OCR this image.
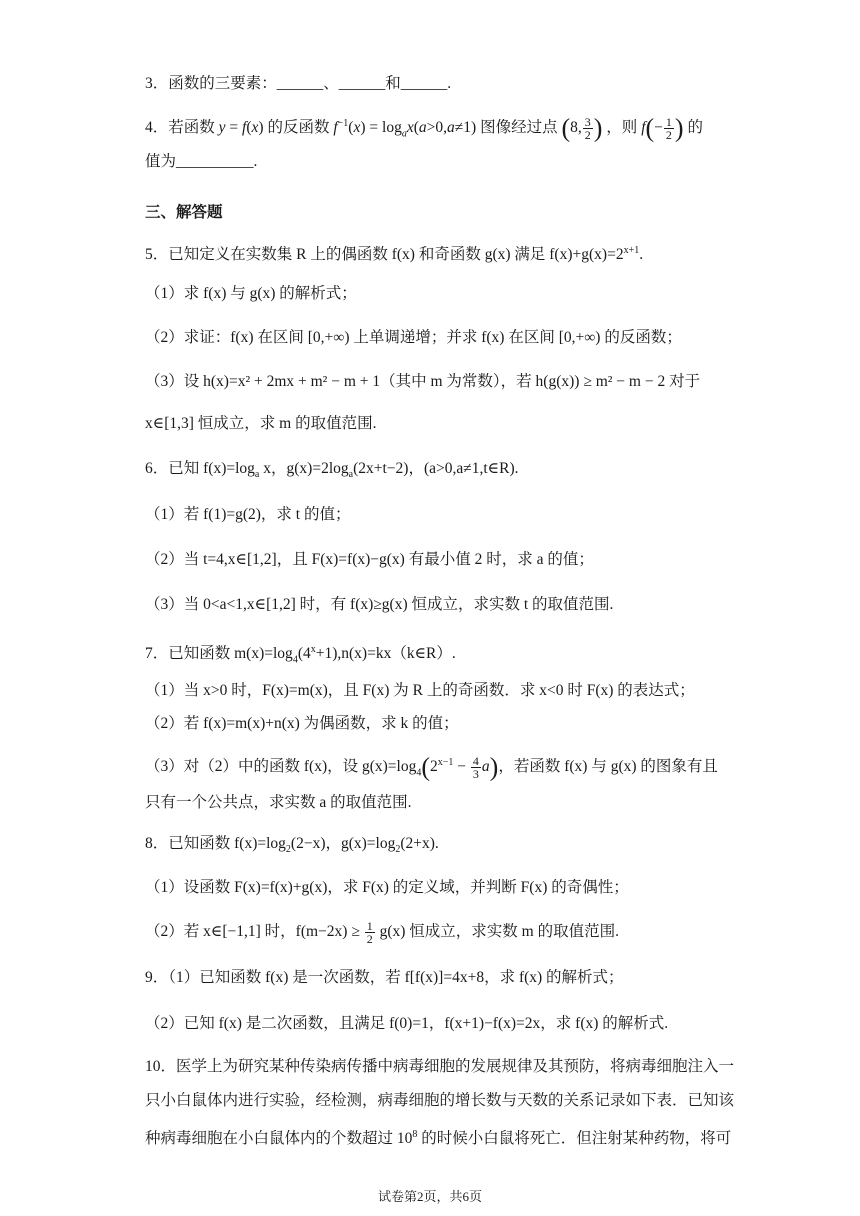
3．函数的三要素：______、______和______.
4．若函数 y = f(x) 的反函数 $f^{-1}(x) = \log_ax(a>0,a\ne 1)$ 图像经过点 (8, $\frac{3}{2}$ ) ，则 $f(- \frac{1}{2}$ ) 的
值为__________.
三、解答题
5．已知定义在实数集 R 上的偶函数 f(x) 和奇函数 g(x) 满足 $f(x)+g(x)=2^{x+1}$.
（1）求 f(x) 与 g(x) 的解析式；
（2）求证：f(x) 在区间 [0,+∞) 上单调递增；并求 f(x) 在区间 [0,+∞) 的反函数；
（3）设 h(x)=x² + 2mx + m² − m + 1（其中 m 为常数），若 h(g(x)) ≥ m² − m − 2 对于
x∈[1,3] 恒成立，求 m 的取值范围.
6．已知 $f(x)=\log_a$ x，$g(x)=2\log_a(2x+t-2)$，(a>0,a≠1,t∈R).
（1）若 f(1)=g(2)，求 t 的值；
（2）当 t=4,x∈[1,2]，且 F(x)=f(x)−g(x) 有最小值 2 时，求 a 的值；
（3）当 0<a<1,x∈[1,2] 时，有 f(x)≥g(x) 恒成立，求实数 t 的取值范围.
7．已知函数 $m(x)=\log_4(4^x+1),n(x)=kx(k\in R)$.
（1）当 x>0 时，F(x)=m(x)，且 F(x) 为 R 上的奇函数．求 x<0 时 F(x) 的表达式；
（2）若 f(x)=m(x)+n(x) 为偶函数，求 k 的值；
（3）对（2）中的函数 f(x)，设 $g(x)=\log_4(2^{x-1} - \frac{4}{3} a)$，若函数 f(x) 与 g(x) 的图象有且
只有一个公共点，求实数 a 的取值范围.
8．已知函数 $f(x)=\log_2(2-x)$，$g(x)=\log_2(2+x)$.
（1）设函数 F(x)=f(x)+g(x)，求 F(x) 的定义域，并判断 F(x) 的奇偶性；
（2）若 x∈[−1,1] 时，$f(m-2x) \ge \frac{1}{2} g(x)$ 恒成立，求实数 m 的取值范围.
9．（1）已知函数 f(x) 是一次函数，若 f[f(x)]=4x+8，求 f(x) 的解析式；
（2）已知 f(x) 是二次函数，且满足 f(0)=1，f(x+1)−f(x)=2x，求 f(x) 的解析式.
10．医学上为研究某种传染病传播中病毒细胞的发展规律及其预防，将病毒细胞注入一
只小白鼠体内进行实验，经检测，病毒细胞的增长数与天数的关系记录如下表．已知该
种病毒细胞在小白鼠体内的个数超过 $10^8$ 的时候小白鼠将死亡．但注射某种药物，将可
试卷第2页，共6页
